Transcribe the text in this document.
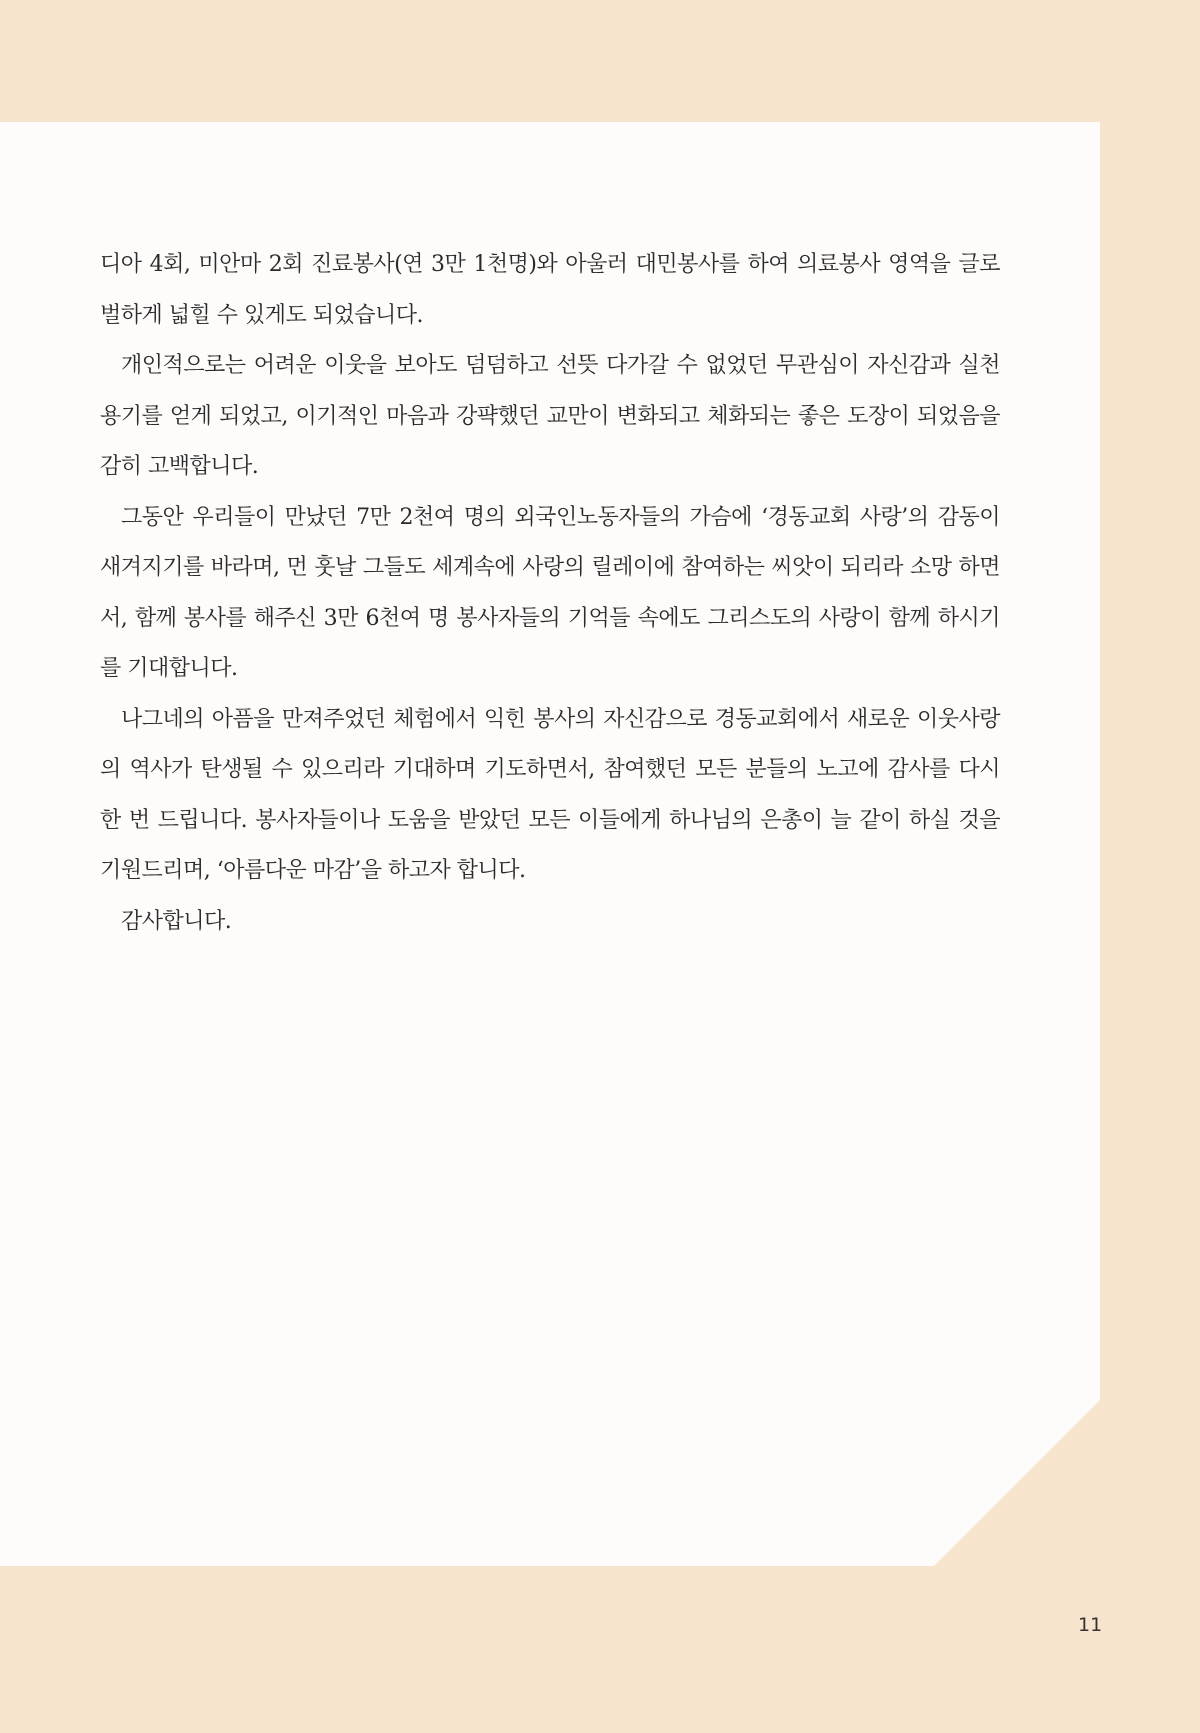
디아 4회, 미안마 2회 진료봉사(연 3만 1천명)와 아울러 대민봉사를 하여 의료봉사 영역을 글로벌하게 넓힐 수 있게도 되었습니다.

개인적으로는 어려운 이웃을 보아도 덤덤하고 선뜻 다가갈 수 없었던 무관심이 자신감과 실천 용기를 얻게 되었고, 이기적인 마음과 강퍅했던 교만이 변화되고 체화되는 좋은 도장이 되었음을 감히 고백합니다.

그동안 우리들이 만났던 7만 2천여 명의 외국인노동자들의 가슴에 ‘경동교회 사랑’의 감동이 새겨지기를 바라며, 먼 훗날 그들도 세계속에 사랑의 릴레이에 참여하는 씨앗이 되리라 소망 하면서, 함께 봉사를 해주신 3만 6천여 명 봉사자들의 기억들 속에도 그리스도의 사랑이 함께 하시기를 기대합니다.

나그네의 아픔을 만져주었던 체험에서 익힌 봉사의 자신감으로 경동교회에서 새로운 이웃사랑의 역사가 탄생될 수 있으리라 기대하며 기도하면서, 참여했던 모든 분들의 노고에 감사를 다시 한 번 드립니다. 봉사자들이나 도움을 받았던 모든 이들에게 하나님의 은총이 늘 같이 하실 것을 기원드리며, ‘아름다운 마감’을 하고자 합니다.

감사합니다.

11
